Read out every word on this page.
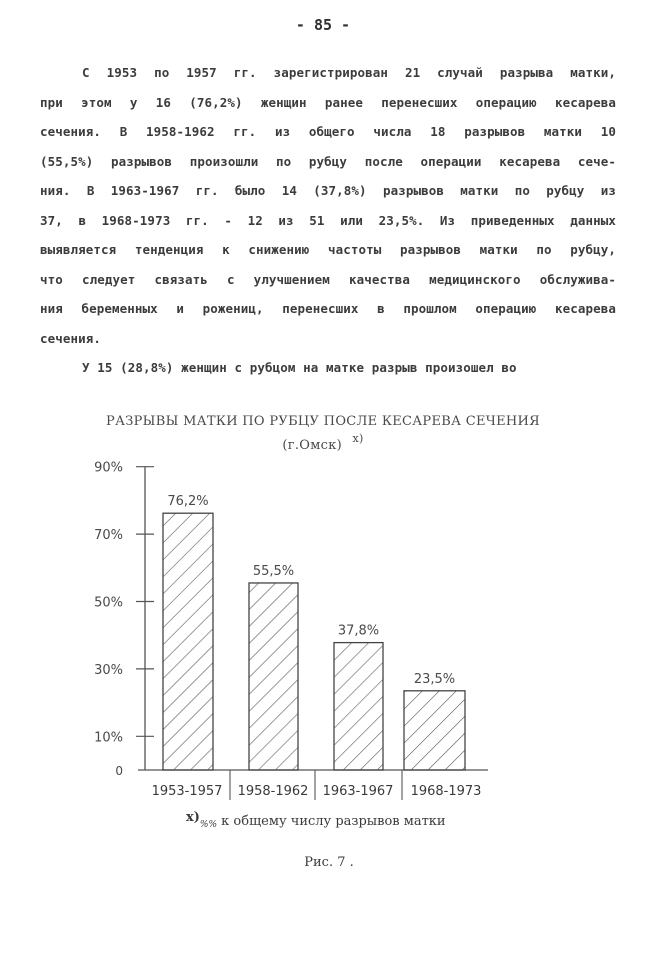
- 85 -
С 1953 по 1957 гг. зарегистрирован 21 случай разрыва матки,
при этом у 16 (76,2%) женщин ранее перенесших операцию кесарева
сечения. В 1958-1962 гг. из общего числа 18 разрывов матки 10
(55,5%) разрывов произошли по рубцу после операции кесарева сече-
ния. В 1963-1967 гг. было 14 (37,8%) разрывов матки по рубцу из
37, в 1968-1973 гг. - 12 из 51 или 23,5%. Из приведенных данных
выявляется тенденция к снижению частоты разрывов матки по рубцу,
что следует связать с улучшением качества медицинского обслужива-
ния беременных и рожениц, перенесших в прошлом операцию кесарева
сечения.
У 15 (28,8%) женщин с рубцом на матке разрыв произошел во
РАЗРЫВЫ МАТКИ ПО РУБЦУ ПОСЛЕ КЕСАРЕВА СЕЧЕНИЯ
(г.Омск) $^{x)}$
90%
70%
50%
30%
10%
0
76,2%
1953-1957
55,5%
1958-1962
37,8%
1963-1967
23,5%
1968-1973
x)%% к общему числу разрывов матки
Рис. 7 .
